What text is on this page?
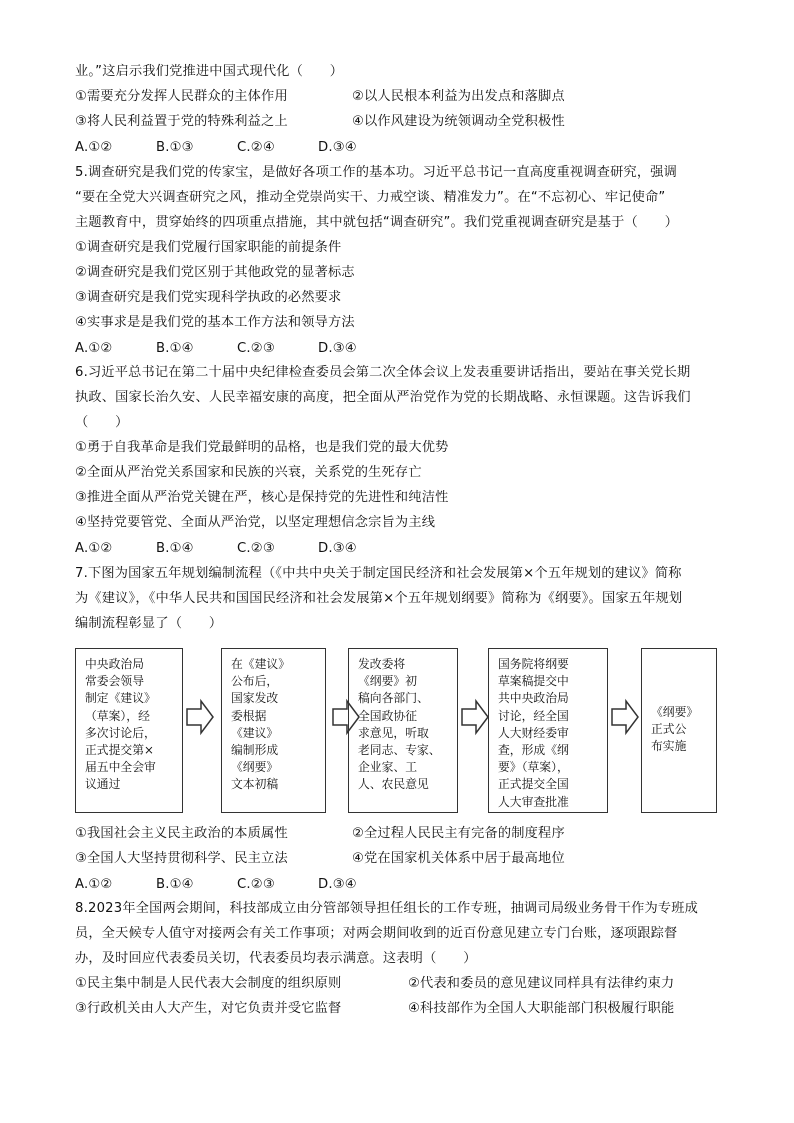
业。”这启示我们党推进中国式现代化（　　）
①需要充分发挥人民群众的主体作用	②以人民根本利益为出发点和落脚点
③将人民利益置于党的特殊利益之上	④以作风建设为统领调动全党积极性
A.①②	B.①③	C.②④	D.③④
5.调查研究是我们党的传家宝，是做好各项工作的基本功。习近平总书记一直高度重视调查研究，强调
“要在全党大兴调查研究之风，推动全党崇尚实干、力戒空谈、精准发力”。在“不忘初心、牢记使命”
主题教育中，贯穿始终的四项重点措施，其中就包括“调查研究”。我们党重视调查研究是基于（　　）
①调查研究是我们党履行国家职能的前提条件
②调查研究是我们党区别于其他政党的显著标志
③调查研究是我们党实现科学执政的必然要求
④实事求是是我们党的基本工作方法和领导方法
A.①②	B.①④	C.②③	D.③④
6.习近平总书记在第二十届中央纪律检查委员会第二次全体会议上发表重要讲话指出，要站在事关党长期
执政、国家长治久安、人民幸福安康的高度，把全面从严治党作为党的长期战略、永恒课题。这告诉我们
（　　）
①勇于自我革命是我们党最鲜明的品格，也是我们党的最大优势
②全面从严治党关系国家和民族的兴衰，关系党的生死存亡
③推进全面从严治党关键在严，核心是保持党的先进性和纯洁性
④坚持党要管党、全面从严治党，以坚定理想信念宗旨为主线
A.①②	B.①④	C.②③	D.③④
7.下图为国家五年规划编制流程（《中共中央关于制定国民经济和社会发展第×个五年规划的建议》简称
为《建议》，《中华人民共和国国民经济和社会发展第×个五年规划纲要》简称为《纲要》。国家五年规划
编制流程彰显了（　　）
中央政治局
常委会领导
制定《建议》
（草案），经
多次讨论后，
正式提交第×
届五中全会审
议通过
在《建议》
公布后，
国家发改
委根据
《建议》
编制形成
《纲要》
文本初稿
发改委将
《纲要》初
稿向各部门、
全国政协征
求意见，听取
老同志、专家、
企业家、工
人、农民意见
国务院将纲要
草案稿提交中
共中央政治局
讨论，经全国
人大财经委审
查，形成《纲
要》（草案），
正式提交全国
人大审查批准
《纲要》
正式公
布实施
①我国社会主义民主政治的本质属性	②全过程人民民主有完备的制度程序
③全国人大坚持贯彻科学、民主立法	④党在国家机关体系中居于最高地位
A.①②	B.①④	C.②③	D.③④
8.2023年全国两会期间，科技部成立由分管部领导担任组长的工作专班，抽调司局级业务骨干作为专班成
员，全天候专人值守对接两会有关工作事项；对两会期间收到的近百份意见建立专门台账，逐项跟踪督
办，及时回应代表委员关切，代表委员均表示满意。这表明（　　）
①民主集中制是人民代表大会制度的组织原则	②代表和委员的意见建议同样具有法律约束力
③行政机关由人大产生，对它负责并受它监督	④科技部作为全国人大职能部门积极履行职能
